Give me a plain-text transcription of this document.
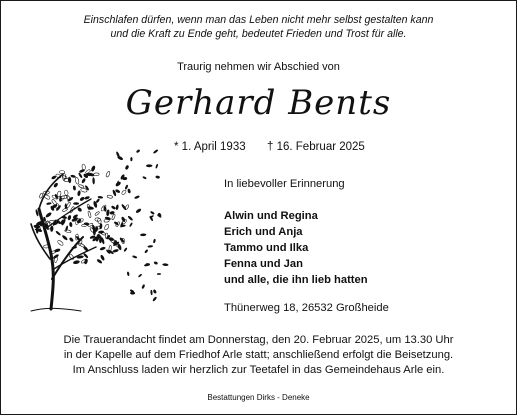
Einschlafen dürfen, wenn man das Leben nicht mehr selbst gestalten kann
und die Kraft zu Ende geht, bedeutet Frieden und Trost für alle.
Traurig nehmen wir Abschied von
Gerhard Bents
* 1. April 1933 † 16. Februar 2025
In liebevoller Erinnerung
Alwin und Regina
Erich und Anja
Tammo und Ilka
Fenna und Jan
und alle, die ihn lieb hatten
Thünerweg 18, 26532 Großheide
Die Trauerandacht findet am Donnerstag, den 20. Februar 2025, um 13.30 Uhr
in der Kapelle auf dem Friedhof Arle statt; anschließend erfolgt die Beisetzung.
Im Anschluss laden wir herzlich zur Teetafel in das Gemeindehaus Arle ein.
Bestattungen Dirks - Deneke
